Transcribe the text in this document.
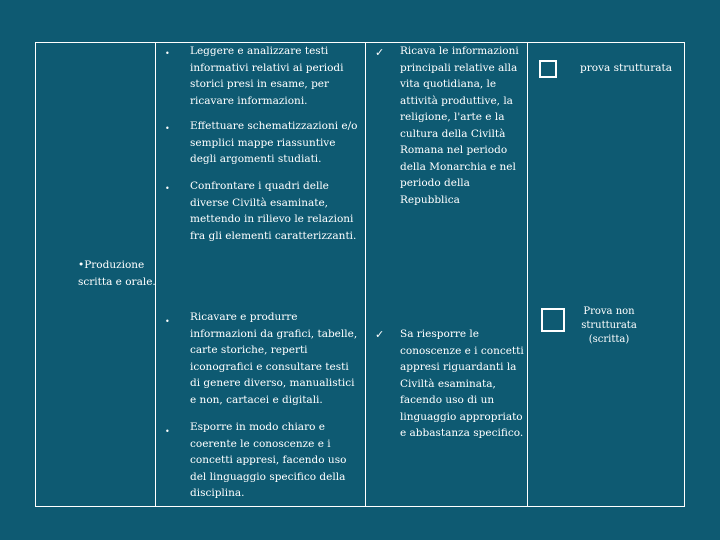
• Leggere e analizzare testi informativi relativi ai periodi storici presi in esame, per ricavare informazioni.
• Effettuare schematizzazioni e/o semplici mappe riassuntive degli argomenti studiati.
• Confrontare i quadri delle diverse Civiltà esaminate, mettendo in rilievo le relazioni fra gli elementi caratterizzanti.
✓ Ricava le informazioni principali relative alla vita quotidiana, le attività produttive, la religione, l'arte e la cultura della Civiltà Romana nel periodo della Monarchia e nel periodo della Repubblica
prova strutturata
•Produzione scritta e orale.
• Ricavare e produrre informazioni da grafici, tabelle, carte storiche, reperti iconografici e consultare testi di genere diverso, manualistici e non, cartacei e digitali.
• Esporre in modo chiaro e coerente le conoscenze e i concetti appresi, facendo uso del linguaggio specifico della disciplina.
✓ Sa riesporre le conoscenze e i concetti appresi riguardanti la Civiltà esaminata, facendo uso di un linguaggio appropriato e abbastanza specifico.
Prova non strutturata (scritta)
